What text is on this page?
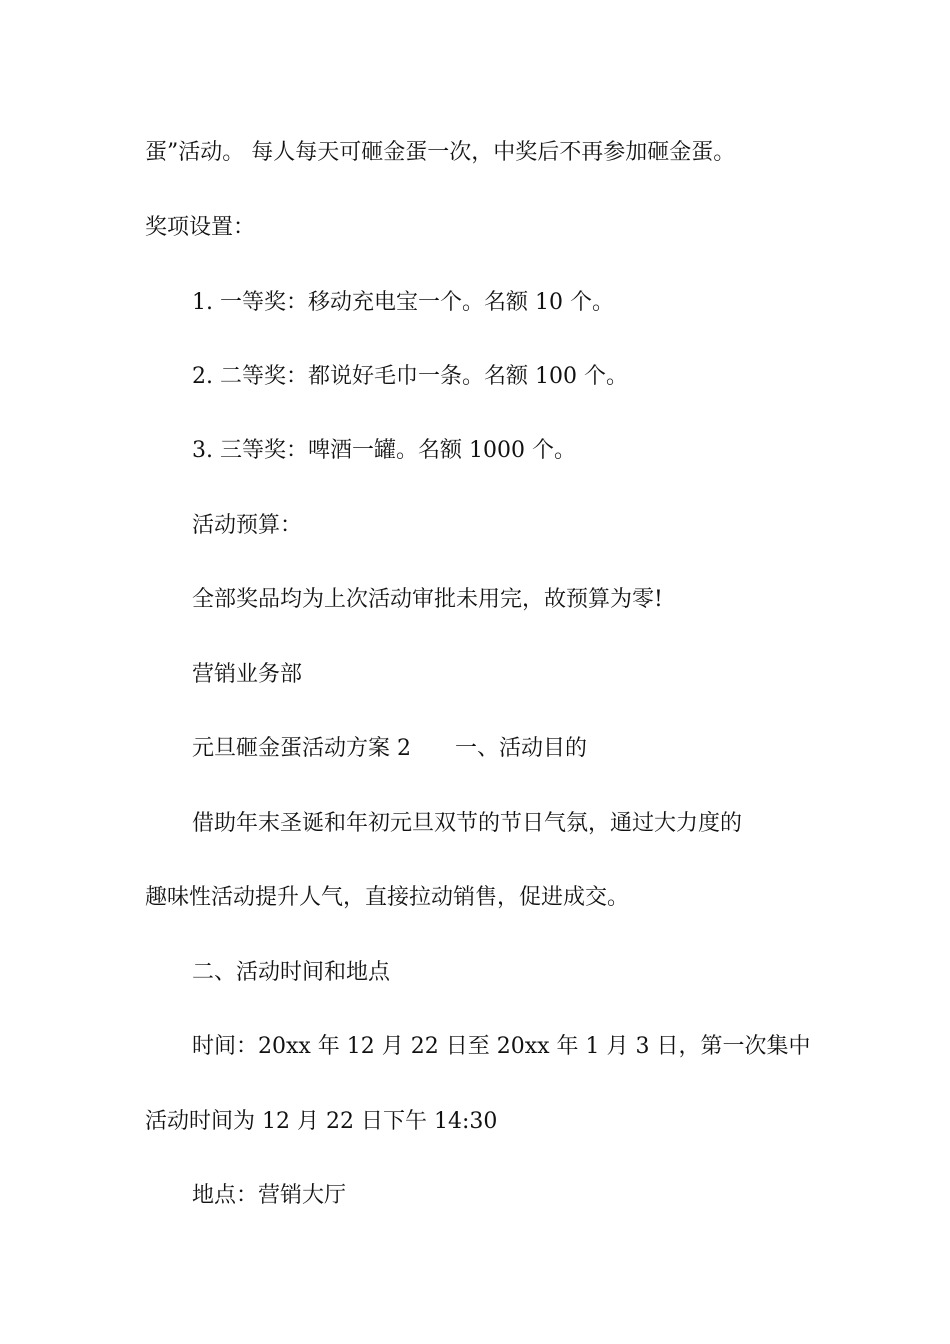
蛋”活动。 每人每天可砸金蛋一次，中奖后不再参加砸金蛋。
奖项设置：
1. 一等奖：移动充电宝一个。名额 10 个。
2. 二等奖：都说好毛巾一条。名额 100 个。
3. 三等奖：啤酒一罐。名额 1000 个。
活动预算：
全部奖品均为上次活动审批未用完，故预算为零!
营销业务部
元旦砸金蛋活动方案 2 一、活动目的
借助年末圣诞和年初元旦双节的节日气氛，通过大力度的
趣味性活动提升人气，直接拉动销售，促进成交。
二、活动时间和地点
时间：20xx 年 12 月 22 日至 20xx 年 1 月 3 日，第一次集中
活动时间为 12 月 22 日下午 14:30
地点：营销大厅
